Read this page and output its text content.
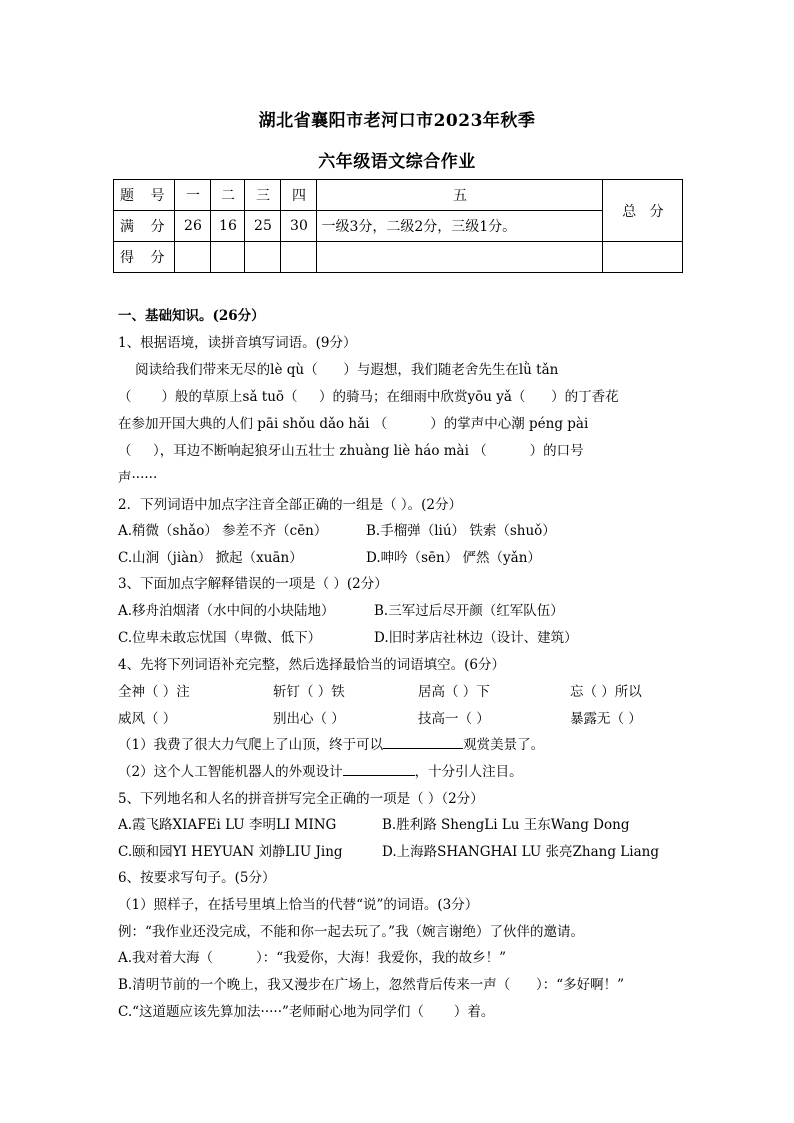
湖北省襄阳市老河口市2023年秋季
六年级语文综合作业
题 号	一	二	三	四	五	总   分
满 分	26	16	25	30	一级3分，二级2分，三级1分。	
得 分						
一、基础知识。(26分）
1、根据语境，读拼音填写词语。(9分）
阅读给我们带来无尽的lè qù（      ）与遐想，我们随老舍先生在lǜ tǎn
（       ）般的草原上sǎ tuō（     ）的骑马；在细雨中欣赏yōu yǎ（      ）的丁香花
在参加开国大典的人们 pāi shǒu dǎo hǎi （          ）的掌声中心潮 péng pài
（     ），耳边不断响起狼牙山五壮士 zhuàng liè háo mài （          ）的口号
声······
2．下列词语中加点字注音全部正确的一组是（ ）。(2分）
A.稍微（shǎo） 参差不齐（cēn）	B.手榴弹（liú） 铁索（shuǒ）
C.山涧（jiàn） 掀起（xuān）	D.呻吟（sēn） 俨然（yǎn）
3、下面加点字解释错误的一项是（ ）(2分）
A.移舟泊烟渚（水中间的小块陆地）	B.三军过后尽开颜（红军队伍）
C.位卑未敢忘忧国（卑微、低下）	D.旧时茅店社林边（设计、建筑）
4、先将下列词语补充完整，然后选择最恰当的词语填空。(6分）
全神（ ）注	斩钉（ ）铁	居高（ ）下	忘（ ）所以
威风（ ）	别出心（ ）	技高一（ ）	暴露无（ ）
（1）我费了很大力气爬上了山顶，终于可以	观赏美景了。
（2）这个人工智能机器人的外观设计	，十分引人注目。
5、下列地名和人名的拼音拼写完全正确的一项是（ ）（2分）
A.霞飞路XIAFEi LU 李明LI MING	B.胜利路 ShengLi Lu 王东Wang Dong
C.颐和园YI HEYUAN 刘静LIU Jing	D.上海路SHANGHAI LU 张亮Zhang Liang
6、按要求写句子。(5分）
（1）照样子，在括号里填上恰当的代替“说”的词语。(3分）
例：“我作业还没完成，不能和你一起去玩了。”我（婉言谢绝）了伙伴的邀请。
A.我对着大海（          ）：“我爱你，大海！我爱你，我的故乡！”
B.清明节前的一个晚上，我又漫步在广场上，忽然背后传来一声（      ）：“多好啊！”
C.“这道题应该先算加法·····”老师耐心地为同学们（       ）着。
